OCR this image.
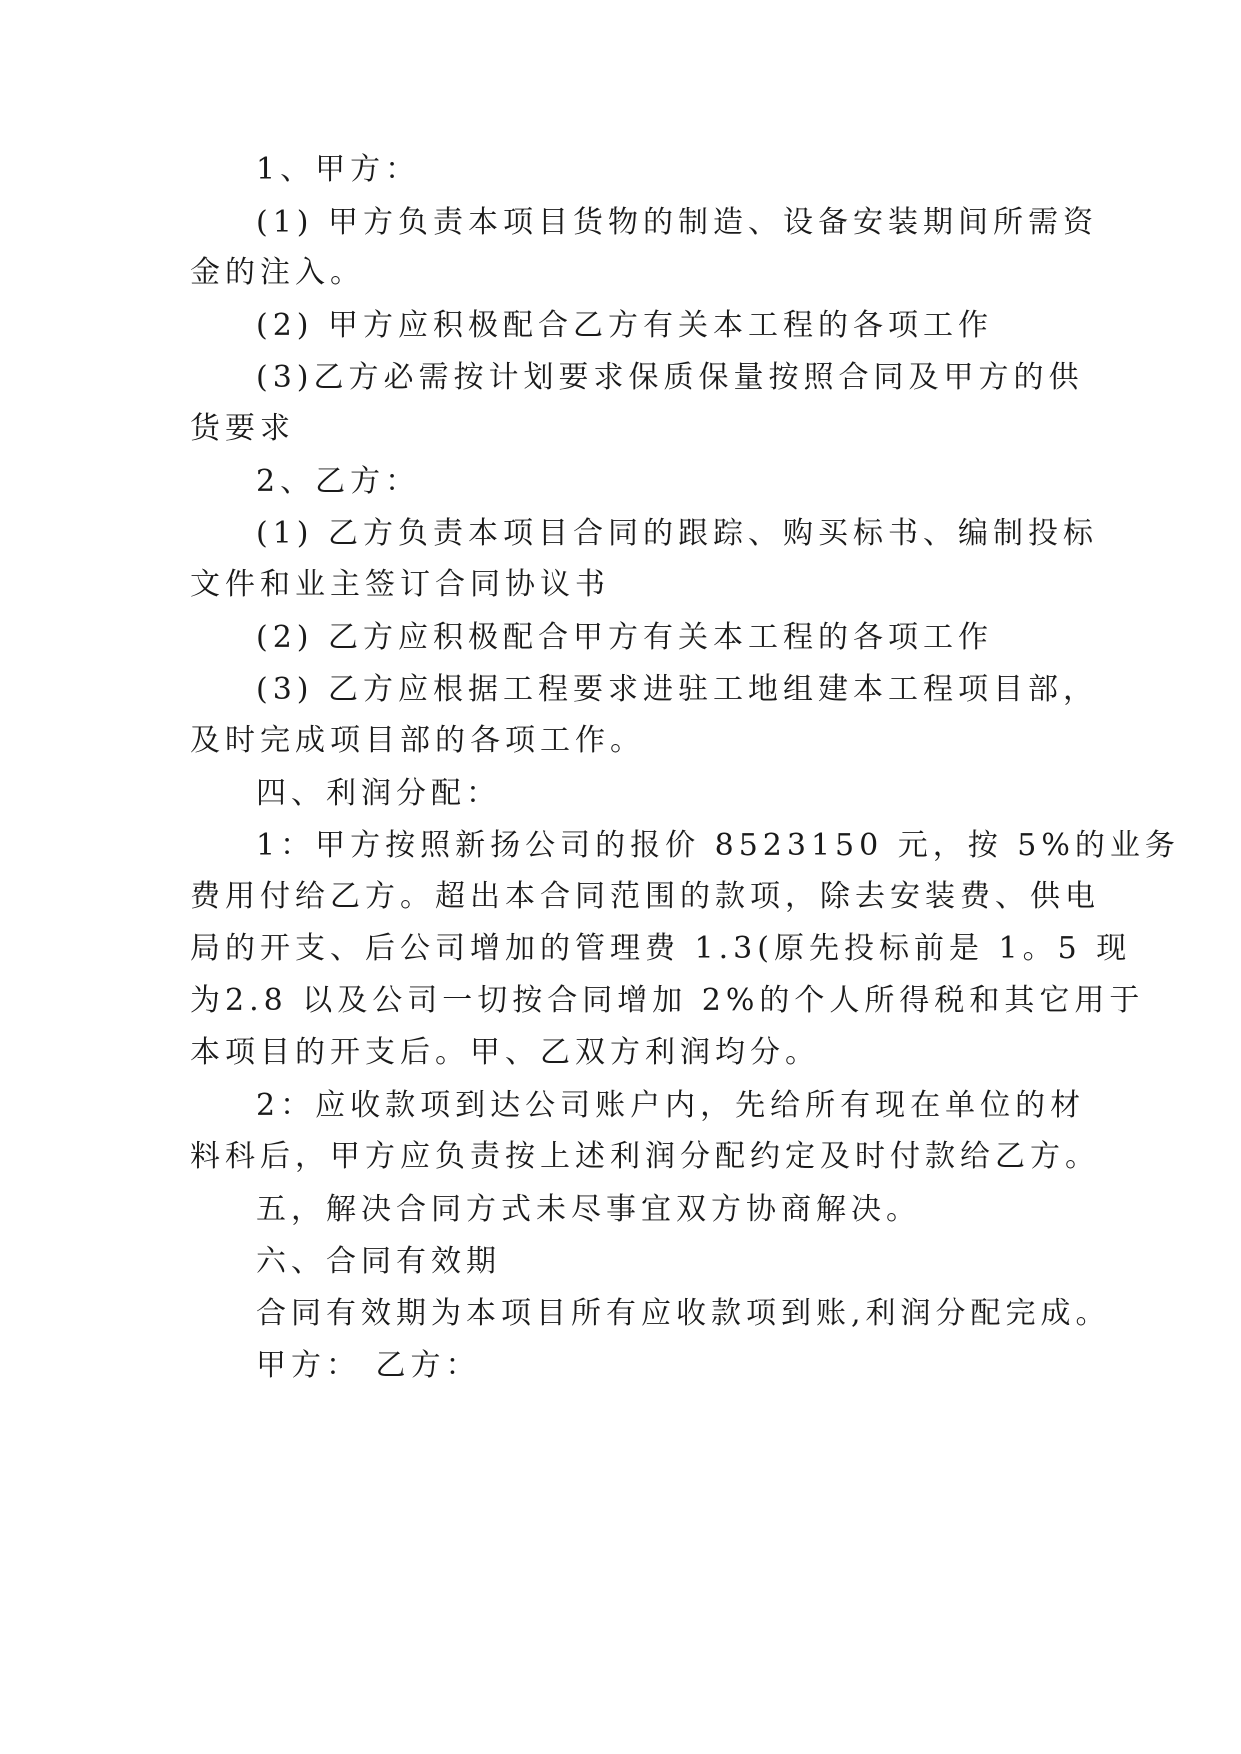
1、甲方：
(1) 甲方负责本项目货物的制造、设备安装期间所需资
金的注入。
(2) 甲方应积极配合乙方有关本工程的各项工作
(3)乙方必需按计划要求保质保量按照合同及甲方的供
货要求
2、乙方：
(1) 乙方负责本项目合同的跟踪、购买标书、编制投标
文件和业主签订合同协议书
(2) 乙方应积极配合甲方有关本工程的各项工作
(3) 乙方应根据工程要求进驻工地组建本工程项目部，
及时完成项目部的各项工作。
四、利润分配：
1：甲方按照新扬公司的报价 8523150 元，按 5%的业务
费用付给乙方。超出本合同范围的款项，除去安装费、供电
局的开支、后公司增加的管理费 1.3(原先投标前是 1。5 现
为2.8 以及公司一切按合同增加 2%的个人所得税和其它用于
本项目的开支后。甲、乙双方利润均分。
2：应收款项到达公司账户内，先给所有现在单位的材
料科后，甲方应负责按上述利润分配约定及时付款给乙方。
五，解决合同方式未尽事宜双方协商解决。
六、合同有效期
合同有效期为本项目所有应收款项到账,利润分配完成。
甲方： 乙方：
